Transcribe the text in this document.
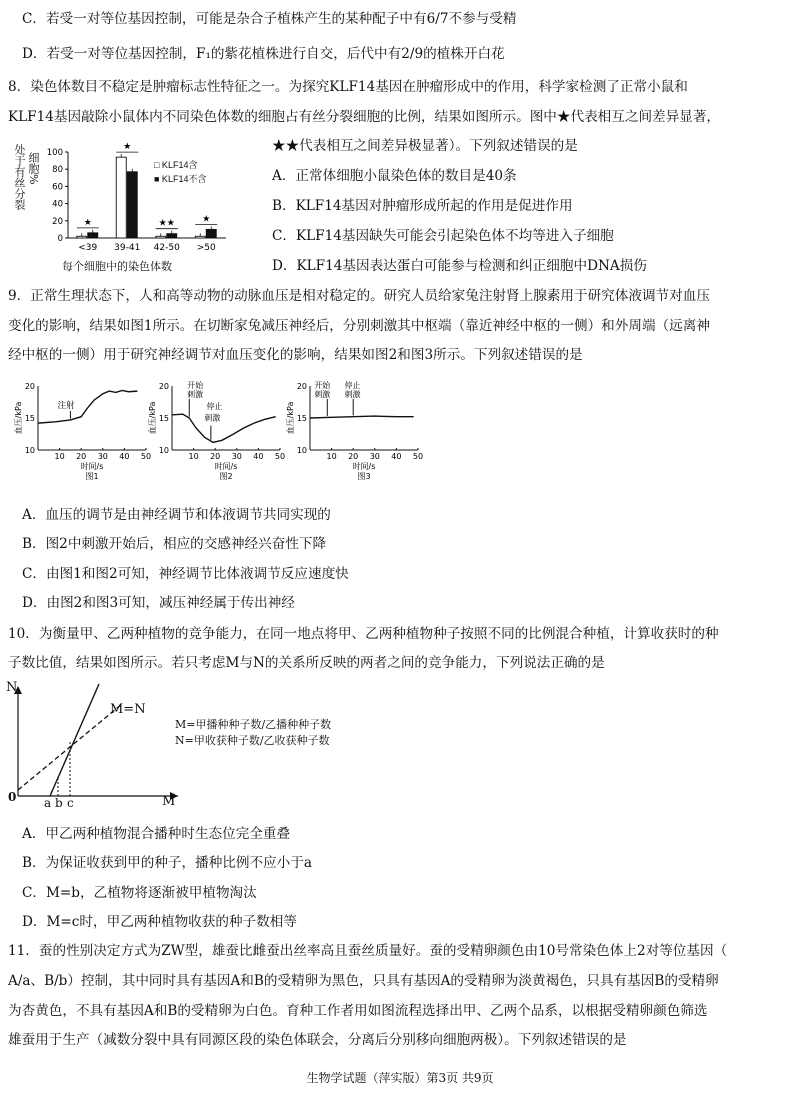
C．若受一对等位基因控制，可能是杂合子植株产生的某种配子中有6/7不参与受精
D．若受一对等位基因控制，F₁的紫花植株进行自交，后代中有2/9的植株开白花
8．染色体数目不稳定是肿瘤标志性特征之一。为探究KLF14基因在肿瘤形成中的作用，科学家检测了正常小鼠和
KLF14基因敲除小鼠体内不同染色体数的细胞占有丝分裂细胞的比例，结果如图所示。图中★代表相互之间差异显著，
★★代表相互之间差异极显著）。下列叙述错误的是
A．正常体细胞小鼠染色体的数目是40条
B．KLF14基因对肿瘤形成所起的作用是促进作用
C．KLF14基因缺失可能会引起染色体不均等进入子细胞
D．KLF14基因表达蛋白可能参与检测和纠正细胞中DNA损伤
处于有丝分裂 细胞%
0
20
40
60
80
100
★
<39
★
39-41
★★
42-50
★
>50
每个细胞中的染色体数
□ KLF14含
■ KLF14不含
9．正常生理状态下，人和高等动物的动脉血压是相对稳定的。研究人员给家兔注射肾上腺素用于研究体液调节对血压
变化的影响，结果如图1所示。在切断家兔减压神经后，分别刺激其中枢端（靠近神经中枢的一侧）和外周端（远离神
经中枢的一侧）用于研究神经调节对血压变化的影响，结果如图2和图3所示。下列叙述错误的是
10
15
20
10 20 30 40 50
血压/kPa
时间/s
图1
注射
10
15
20
10 20 30 40 50
血压/kPa
时间/s
图2
开始
刺激
停止
刺激
10
15
20
10 20 30 40 50
血压/kPa
时间/s
图3
开始
刺激
停止
刺激
A．血压的调节是由神经调节和体液调节共同实现的
B．图2中刺激开始后，相应的交感神经兴奋性下降
C．由图1和图2可知，神经调节比体液调节反应速度快
D．由图2和图3可知，减压神经属于传出神经
10．为衡量甲、乙两种植物的竞争能力，在同一地点将甲、乙两种植物种子按照不同的比例混合种植，计算收获时的种
子数比值，结果如图所示。若只考虑M与N的关系所反映的两者之间的竞争能力，下列说法正确的是
N
M
0
M=N
a b c
M=甲播种种子数/乙播种种子数
N=甲收获种子数/乙收获种子数
A．甲乙两种植物混合播种时生态位完全重叠
B．为保证收获到甲的种子，播种比例不应小于a
C．M=b，乙植物将逐渐被甲植物淘汰
D．M=c时，甲乙两种植物收获的种子数相等
11．蚕的性别决定方式为ZW型，雄蚕比雌蚕出丝率高且蚕丝质量好。蚕的受精卵颜色由10号常染色体上2对等位基因（
A/a、B/b）控制，其中同时具有基因A和B的受精卵为黑色，只具有基因A的受精卵为淡黄褐色，只具有基因B的受精卵
为杏黄色，不具有基因A和B的受精卵为白色。育种工作者用如图流程选择出甲、乙两个品系，以根据受精卵颜色筛选
雄蚕用于生产（减数分裂中具有同源区段的染色体联会，分离后分别移向细胞两极）。下列叙述错误的是
生物学试题（萍实版）第3页 共9页
